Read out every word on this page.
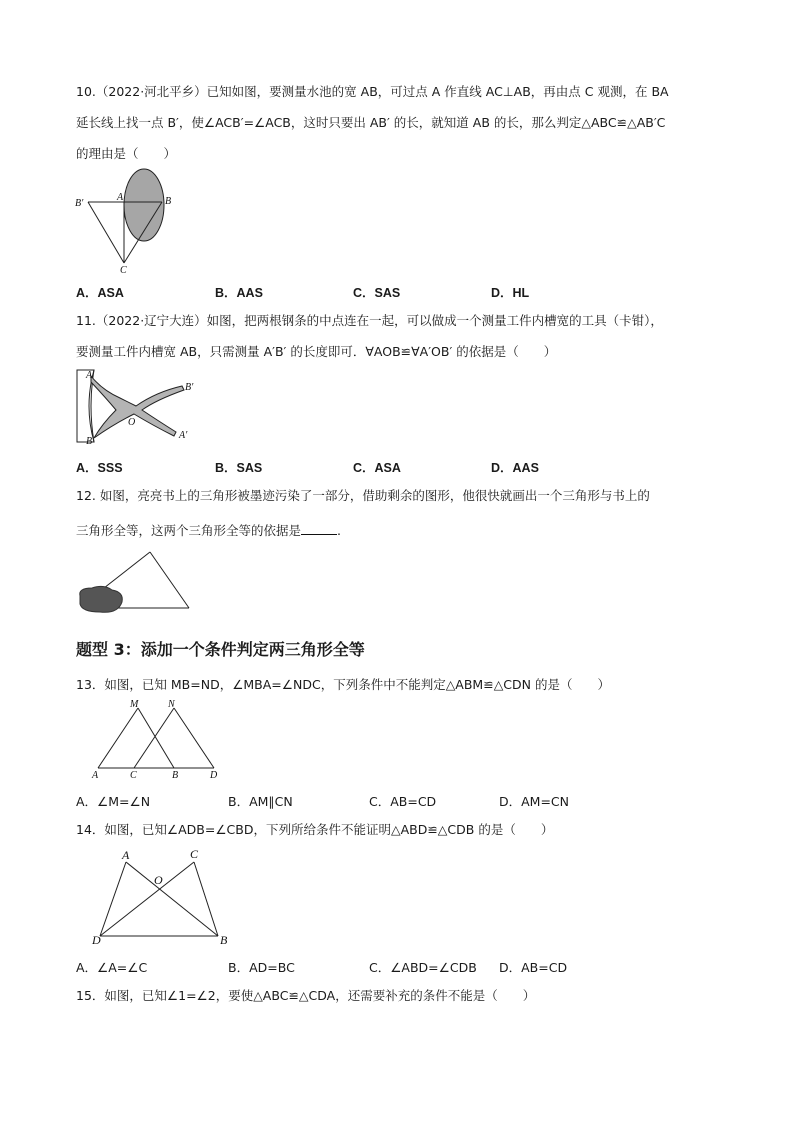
10.（2022·河北平乡）已知如图，要测量水池的宽 AB，可过点 A 作直线 AC⊥AB，再由点 C 观测，在 BA
延长线上找一点 B′，使∠ACB′=∠ACB，这时只要出 AB′ 的长，就知道 AB 的长，那么判定△ABC≌△AB′C
的理由是（　　）
B′
A	B
C
A．ASA	B．AAS	C．SAS	D．HL
11.（2022·辽宁大连）如图，把两根钢条的中点连在一起，可以做成一个测量工件内槽宽的工具（卡钳），
要测量工件内槽宽 AB，只需测量 A′B′ 的长度即可．∀AOB≌∀A′OB′ 的依据是（　　）
A
B′
O
B
A′
A．SSS	B．SAS	C．ASA	D．AAS
12. 如图，亮亮书上的三角形被墨迹污染了一部分，借助剩余的图形，他很快就画出一个三角形与书上的
三角形全等，这两个三角形全等的依据是	.
题型 3：添加一个条件判定两三角形全等
13．如图，已知 MB=ND，∠MBA=∠NDC，下列条件中不能判定△ABM≌△CDN 的是（　　）
M	N
A	C	B	D
A．∠M=∠N	B．AM∥CN	C．AB=CD	D．AM=CN
14．如图，已知∠ADB=∠CBD，下列所给条件不能证明△ABD≌△CDB 的是（　　）
A	C
O
D	B
A．∠A=∠C	B．AD=BC	C．∠ABD=∠CDB D．AB=CD
15．如图，已知∠1=∠2，要使△ABC≌△CDA，还需要补充的条件不能是（　　）
